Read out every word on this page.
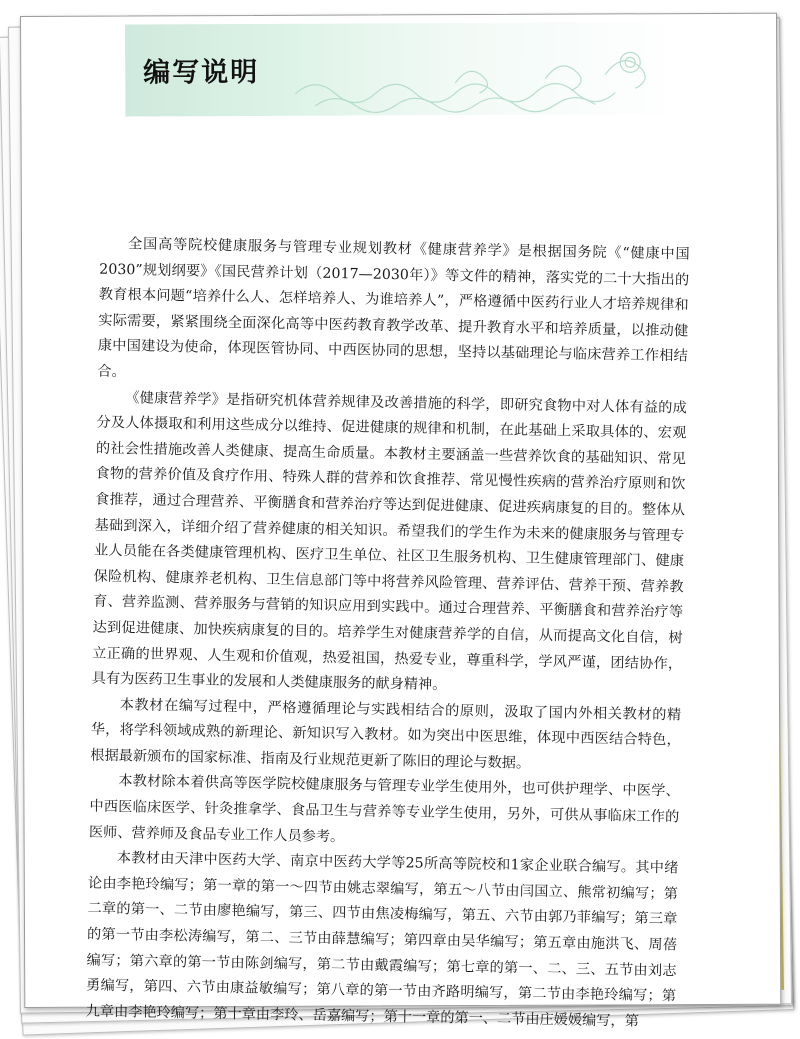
编写说明

全国高等院校健康服务与管理专业规划教材《健康营养学》是根据国务院《“健康中国2030”规划纲要》《国民营养计划（2017—2030年）》等文件的精神，落实党的二十大指出的教育根本问题“培养什么人、怎样培养人、为谁培养人”，严格遵循中医药行业人才培养规律和实际需要，紧紧围绕全面深化高等中医药教育教学改革、提升教育水平和培养质量，以推动健康中国建设为使命，体现医管协同、中西医协同的思想，坚持以基础理论与临床营养工作相结合。

《健康营养学》是指研究机体营养规律及改善措施的科学，即研究食物中对人体有益的成分及人体摄取和利用这些成分以维持、促进健康的规律和机制，在此基础上采取具体的、宏观的社会性措施改善人类健康、提高生命质量。本教材主要涵盖一些营养饮食的基础知识、常见食物的营养价值及食疗作用、特殊人群的营养和饮食推荐、常见慢性疾病的营养治疗原则和饮食推荐，通过合理营养、平衡膳食和营养治疗等达到促进健康、促进疾病康复的目的。整体从基础到深入，详细介绍了营养健康的相关知识。希望我们的学生作为未来的健康服务与管理专业人员能在各类健康管理机构、医疗卫生单位、社区卫生服务机构、卫生健康管理部门、健康保险机构、健康养老机构、卫生信息部门等中将营养风险管理、营养评估、营养干预、营养教育、营养监测、营养服务与营销的知识应用到实践中。通过合理营养、平衡膳食和营养治疗等达到促进健康、加快疾病康复的目的。培养学生对健康营养学的自信，从而提高文化自信，树立正确的世界观、人生观和价值观，热爱祖国，热爱专业，尊重科学，学风严谨，团结协作，具有为医药卫生事业的发展和人类健康服务的献身精神。

本教材在编写过程中，严格遵循理论与实践相结合的原则，汲取了国内外相关教材的精华，将学科领域成熟的新理论、新知识写入教材。如为突出中医思维，体现中西医结合特色，根据最新颁布的国家标准、指南及行业规范更新了陈旧的理论与数据。

本教材除本着供高等医学院校健康服务与管理专业学生使用外，也可供护理学、中医学、中西医临床医学、针灸推拿学、食品卫生与营养等专业学生使用，另外，可供从事临床工作的医师、营养师及食品专业工作人员参考。

本教材由天津中医药大学、南京中医药大学等25所高等院校和1家企业联合编写。其中绪论由李艳玲编写；第一章的第一～四节由姚志翠编写，第五～八节由闫国立、熊常初编写；第二章的第一、二节由廖艳编写，第三、四节由焦凌梅编写，第五、六节由郭乃菲编写；第三章的第一节由李松涛编写，第二、三节由薛慧编写；第四章由吴华编写；第五章由施洪飞、周蓓编写；第六章的第一节由陈剑编写，第二节由戴霞编写；第七章的第一、二、三、五节由刘志勇编写，第四、六节由康益敏编写；第八章的第一节由齐路明编写，第二节由李艳玲编写；第九章由李艳玲编写；第十章由李玲、岳嘉编写；第十一章的第一、二节由庄媛媛编写，第
